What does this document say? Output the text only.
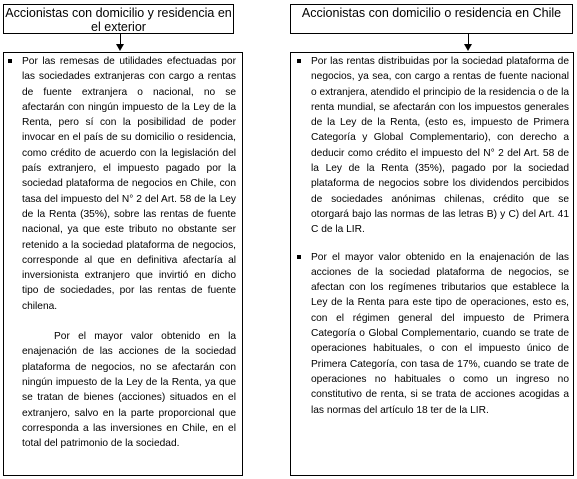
Accionistas con domicilio y residencia en el exterior
Accionistas con domicilio o residencia en Chile

Por las remesas de utilidades efectuadas por las sociedades extranjeras con cargo a rentas de fuente extranjera o nacional, no se afectarán con ningún impuesto de la Ley de la Renta, pero sí con la posibilidad de poder invocar en el país de su domicilio o residencia, como crédito de acuerdo con la legislación del país extranjero, el impuesto pagado por la sociedad plataforma de negocios en Chile, con tasa del impuesto del N° 2 del Art. 58 de la Ley de la Renta (35%), sobre las rentas de fuente nacional, ya que este tributo no obstante ser retenido a la sociedad plataforma de negocios, corresponde al que en definitiva afectaría al inversionista extranjero que invirtió en dicho tipo de sociedades, por las rentas de fuente chilena.

Por el mayor valor obtenido en la enajenación de las acciones de la sociedad plataforma de negocios, no se afectarán con ningún impuesto de la Ley de la Renta, ya que se tratan de bienes (acciones) situados en el extranjero, salvo en la parte proporcional que corresponda a las inversiones en Chile, en el total del patrimonio de la sociedad.

Por las rentas distribuidas por la sociedad plataforma de negocios, ya sea, con cargo a rentas de fuente nacional o extranjera, atendido el principio de la residencia o de la renta mundial, se afectarán con los impuestos generales de la Ley de la Renta, (esto es, impuesto de Primera Categoría y Global Complementario), con derecho a deducir como crédito el impuesto del N° 2 del Art. 58 de la Ley de la Renta (35%), pagado por la sociedad plataforma de negocios sobre los dividendos percibidos de sociedades anónimas chilenas, crédito que se otorgará bajo las normas de las letras B) y C) del Art. 41 C de la LIR.

Por el mayor valor obtenido en la enajenación de las acciones de la sociedad plataforma de negocios, se afectan con los regímenes tributarios que establece la Ley de la Renta para este tipo de operaciones, esto es, con el régimen general del impuesto de Primera Categoría o Global Complementario, cuando se trate de operaciones habituales, o con el impuesto único de Primera Categoría, con tasa de 17%, cuando se trate de operaciones no habituales o como un ingreso no constitutivo de renta, si se trata de acciones acogidas a las normas del artículo 18 ter de la LIR.
